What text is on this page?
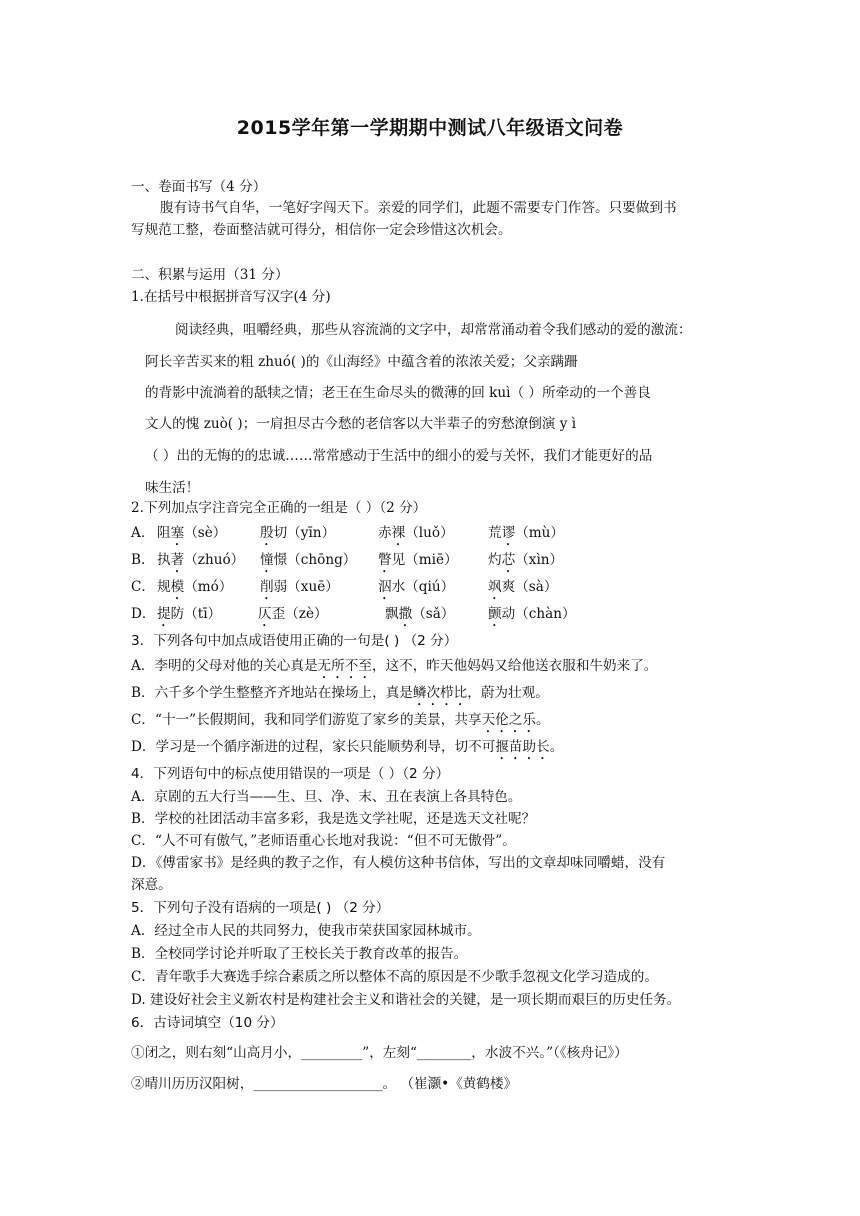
2015学年第一学期期中测试八年级语文问卷
一、卷面书写（4 分）
腹有诗书气自华，一笔好字闯天下。亲爱的同学们，此题不需要专门作答。只要做到书
写规范工整，卷面整洁就可得分，相信你一定会珍惜这次机会。
二、积累与运用（31 分）
1.在括号中根据拼音写汉字(4 分)
阅读经典，咀嚼经典，那些从容流淌的文字中，却常常涌动着令我们感动的爱的激流：
阿长辛苦买来的粗 zhuó( )的《山海经》中蕴含着的浓浓关爱；父亲蹒跚
的背影中流淌着的舐犊之情；老王在生命尽头的微薄的回 kuì（ ）所牵动的一个善良
文人的愧 zuò( )；一肩担尽古今愁的老信客以大半辈子的穷愁潦倒演 y ì
（ ）出的无悔的的忠诚……常常感动于生活中的细小的爱与关怀，我们才能更好的品
味生活！
2.下列加点字注音完全正确的一组是（ ）（2 分）
A． 阻塞（sè） 殷切（yīn）	赤裸（luǒ）	荒谬（mù）
B． 执著（zhuó） 憧憬（chōng） 瞥见（miē） 灼芯（xìn）
C． 规模（mó） 削弱（xuē）	泅水（qiú） 飒爽（sà）
D． 提防（tī）	仄歪（zè）	飘撒（sǎ） 颤动（chàn）
3．下列各句中加点成语使用正确的一句是( ) （2 分）
A．李明的父母对他的关心真是无所不至，这不，昨天他妈妈又给他送衣服和牛奶来了。
B．六千多个学生整整齐齐地站在操场上，真是鳞次栉比，蔚为壮观。
C．“十一”长假期间，我和同学们游览了家乡的美景，共享天伦之乐。
D．学习是一个循序渐进的过程，家长只能顺势利导，切不可揠苗助长。
4．下列语句中的标点使用错误的一项是（ ）（2 分）
A．京剧的五大行当——生、旦、净、末、丑在表演上各具特色。
B．学校的社团活动丰富多彩，我是选文学社呢，还是选天文社呢？
C．“人不可有傲气，”老师语重心长地对我说：“但不可无傲骨”。
D．《傅雷家书》是经典的教子之作，有人模仿这种书信体，写出的文章却味同嚼蜡，没有
深意。
5．下列句子没有语病的一项是( ) （2 分）
A．经过全市人民的共同努力，使我市荣获国家园林城市。
B．全校同学讨论并听取了王校长关于教育改革的报告。
C．青年歌手大赛选手综合素质之所以整体不高的原因是不少歌手忽视文化学习造成的。
D. 建设好社会主义新农村是构建社会主义和谐社会的关键，是一项长期而艰巨的历史任务。
6．古诗词填空（10 分）
①闭之，则右刻“山高月小，_________”，左刻“________，水波不兴。”（《核舟记》）
②晴川历历汉阳树，___________________。 （崔灏•《黄鹤楼》
